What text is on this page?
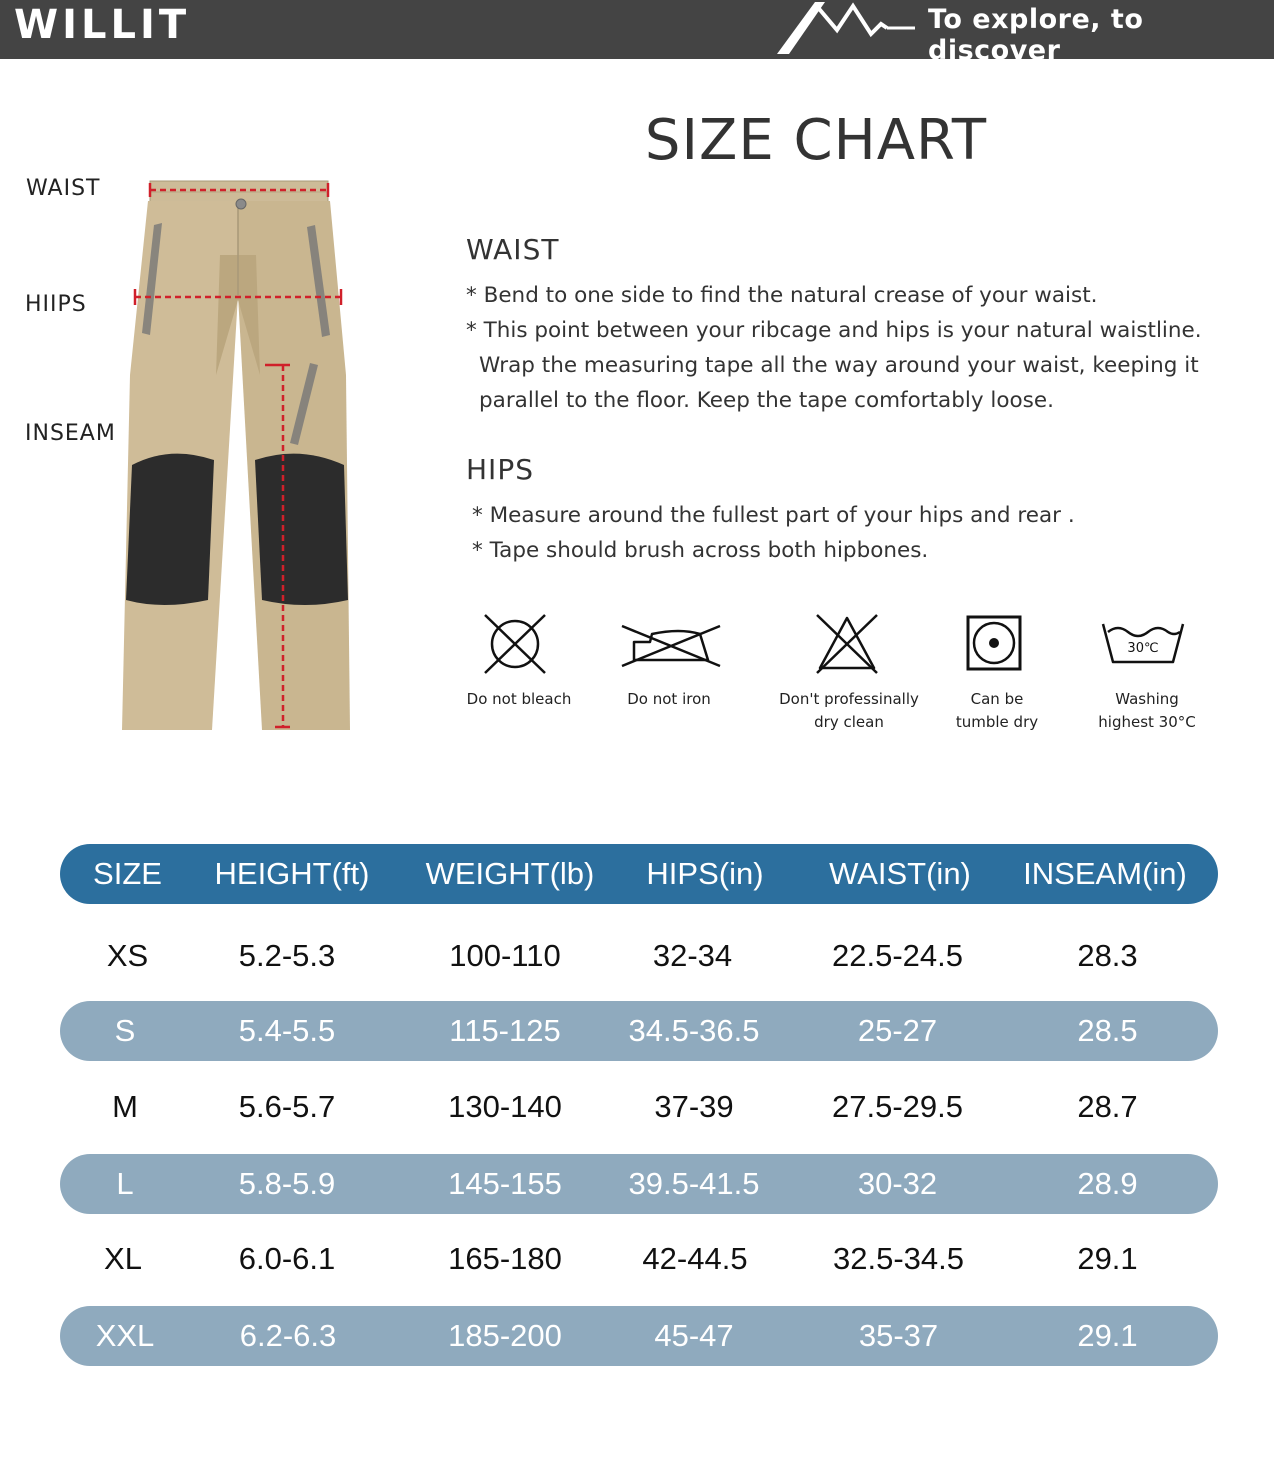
WILLIT	To explore, to discover
SIZE CHART
WAIST
HIIPS
INSEAM
WAIST
* Bend to one side to find the natural crease of your waist.
* This point between your ribcage and hips is your natural waistline.
Wrap the measuring tape all the way around your waist, keeping it
parallel to the floor. Keep the tape comfortably loose.
HIPS
* Measure around the fullest part of your hips and rear .
* Tape should brush across both hipbones.
Do not bleach	Do not iron	Don't professinally
dry clean
Can be
tumble dry
30℃
Washing
highest 30°C
SIZE	HEIGHT(ft)	WEIGHT(lb)	HIPS(in)	WAIST(in)	INSEAM(in)
XS	5.2-5.3	100-110	32-34	22.5-24.5	28.3
S	5.4-5.5	115-125	34.5-36.5	25-27	28.5
M	5.6-5.7	130-140	37-39	27.5-29.5	28.7
L	5.8-5.9	145-155	39.5-41.5	30-32	28.9
XL	6.0-6.1	165-180	42-44.5	32.5-34.5	29.1
XXL	6.2-6.3	185-200	45-47	35-37	29.1
